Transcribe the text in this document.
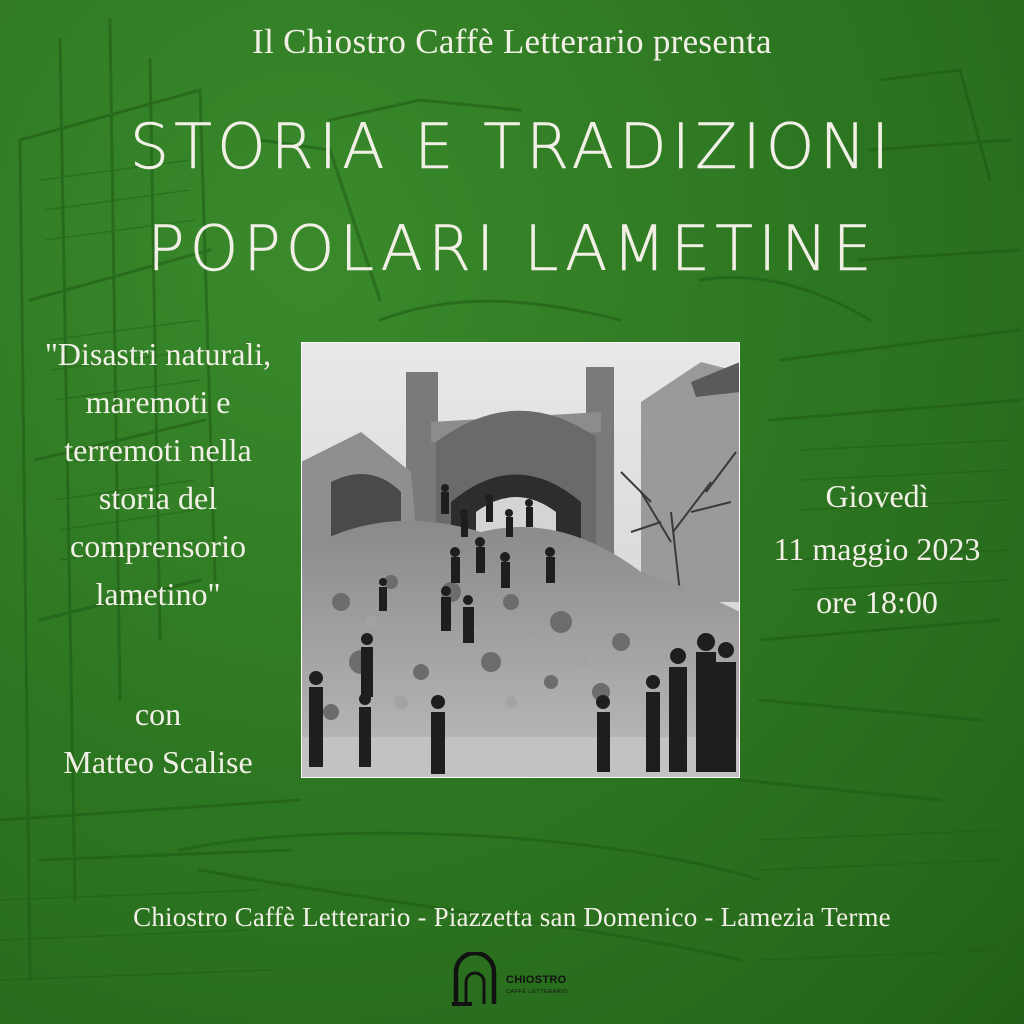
Il Chiostro Caffè Letterario presenta
STORIA E TRADIZIONI
POPOLARI LAMETINE
"Disastri naturali,
maremoti e
terremoti nella
storia del
comprensorio
lametino"
con
Matteo Scalise
Giovedì
11 maggio 2023
ore 18:00
Chiostro Caffè Letterario - Piazzetta san Domenico - Lamezia Terme
CHIOSTRO
CAFFÈ LETTERARIO
